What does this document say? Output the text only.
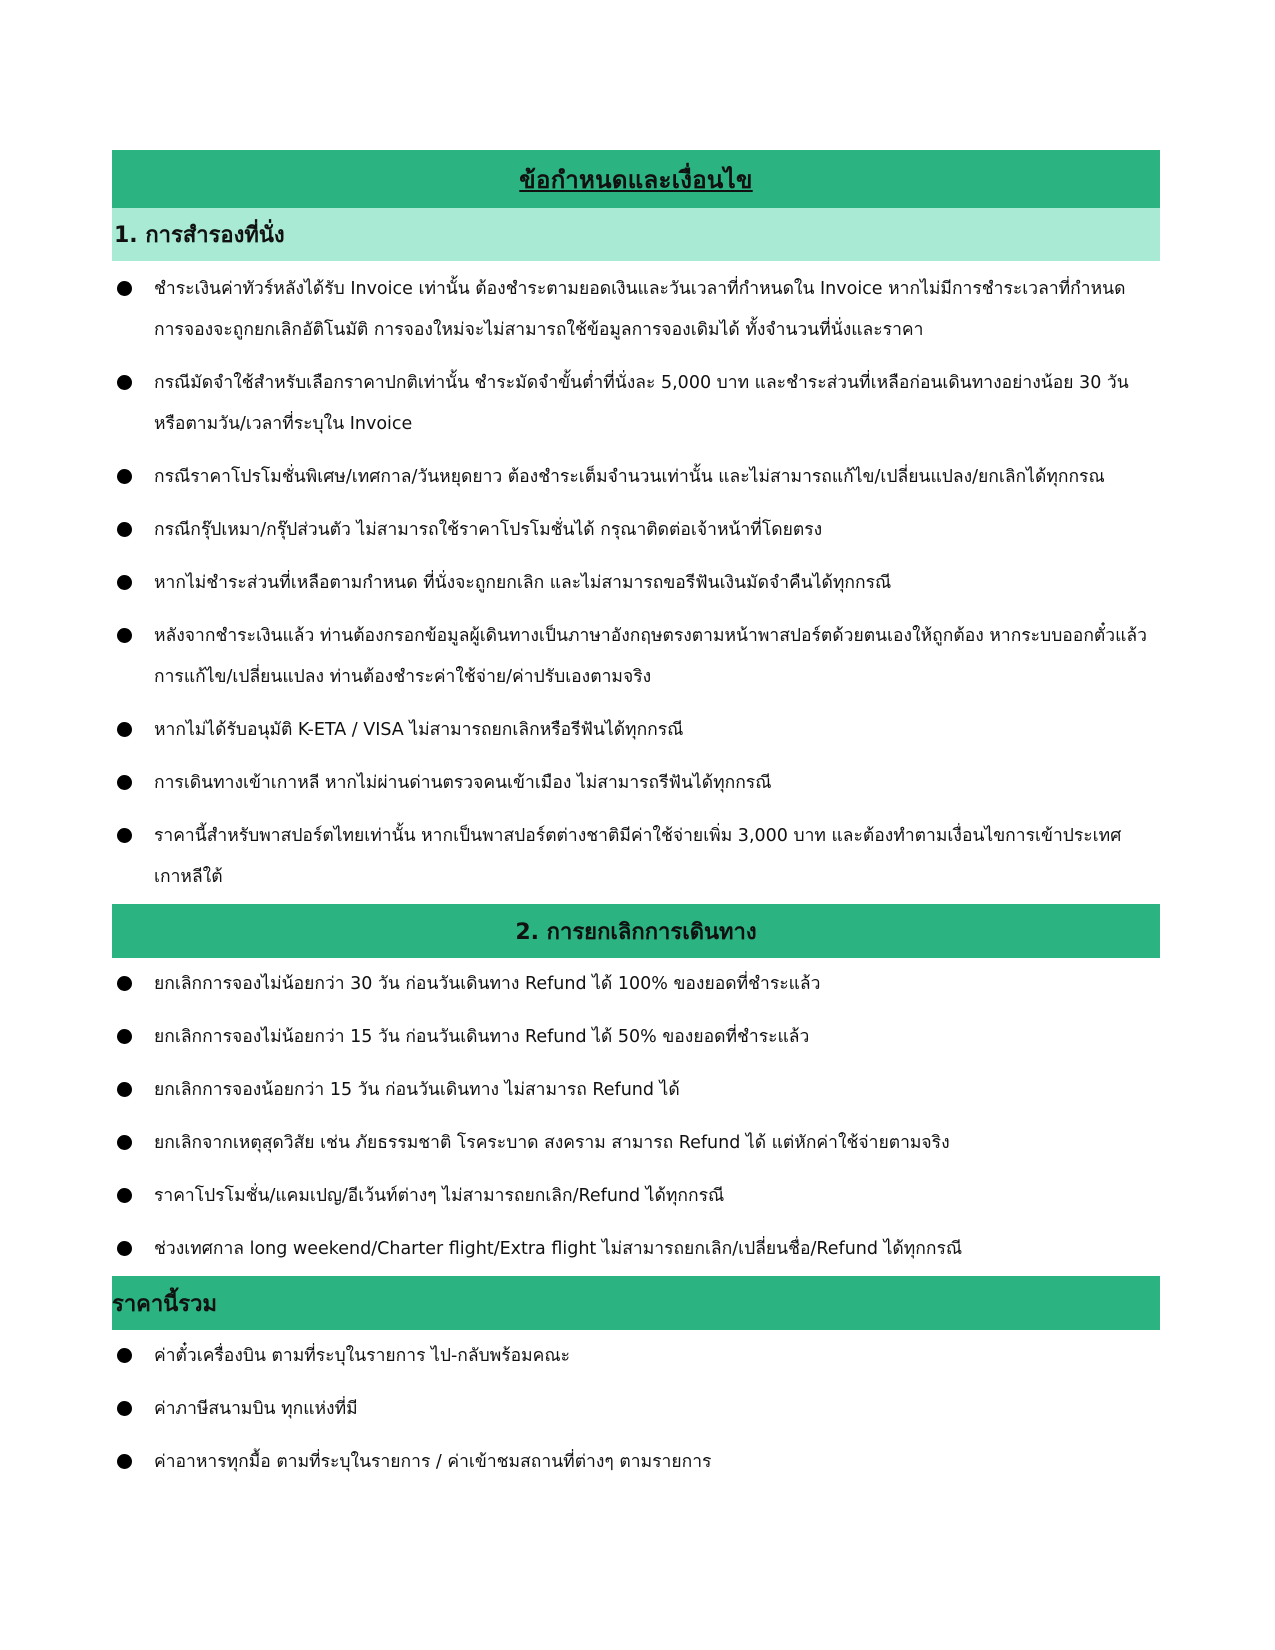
ข้อกำหนดและเงื่อนไข
1. การสำรองที่นั่ง
ชำระเงินค่าทัวร์หลังได้รับ Invoice เท่านั้น ต้องชำระตามยอดเงินและวันเวลาที่กำหนดใน Invoice หากไม่มีการชำระเวลาที่กำหนด การจองจะถูกยกเลิกอัติโนมัติ การจองใหม่จะไม่สามารถใช้ข้อมูลการจองเดิมได้ ทั้งจำนวนที่นั่งและราคา
กรณีมัดจำใช้สำหรับเลือกราคาปกติเท่านั้น ชำระมัดจำขั้นต่ำที่นั่งละ 5,000 บาท และชำระส่วนที่เหลือก่อนเดินทางอย่างน้อย 30 วัน หรือตามวัน/เวลาที่ระบุใน Invoice
กรณีราคาโปรโมชั่นพิเศษ/เทศกาล/วันหยุดยาว ต้องชำระเต็มจำนวนเท่านั้น และไม่สามารถแก้ไข/เปลี่ยนแปลง/ยกเลิกได้ทุกกรณ
กรณีกรุ๊ปเหมา/กรุ๊ปส่วนตัว ไม่สามารถใช้ราคาโปรโมชั่นได้ กรุณาติดต่อเจ้าหน้าที่โดยตรง
หากไม่ชำระส่วนที่เหลือตามกำหนด ที่นั่งจะถูกยกเลิก และไม่สามารถขอรีฟันเงินมัดจำคืนได้ทุกกรณี
หลังจากชำระเงินแล้ว ท่านต้องกรอกข้อมูลผู้เดินทางเป็นภาษาอังกฤษตรงตามหน้าพาสปอร์ตด้วยตนเองให้ถูกต้อง หากระบบออกตั๋วแล้ว การแก้ไข/เปลี่ยนแปลง ท่านต้องชำระค่าใช้จ่าย/ค่าปรับเองตามจริง
หากไม่ได้รับอนุมัติ K-ETA / VISA ไม่สามารถยกเลิกหรือรีฟันได้ทุกกรณี
การเดินทางเข้าเกาหลี หากไม่ผ่านด่านตรวจคนเข้าเมือง ไม่สามารถรีฟันได้ทุกกรณี
ราคานี้สำหรับพาสปอร์ตไทยเท่านั้น หากเป็นพาสปอร์ตต่างชาติมีค่าใช้จ่ายเพิ่ม 3,000 บาท และต้องทำตามเงื่อนไขการเข้าประเทศเกาหลีใต้
2. การยกเลิกการเดินทาง
ยกเลิกการจองไม่น้อยกว่า 30 วัน ก่อนวันเดินทาง Refund ได้ 100% ของยอดที่ชำระแล้ว
ยกเลิกการจองไม่น้อยกว่า 15 วัน ก่อนวันเดินทาง Refund ได้ 50% ของยอดที่ชำระแล้ว
ยกเลิกการจองน้อยกว่า 15 วัน ก่อนวันเดินทาง ไม่สามารถ Refund ได้
ยกเลิกจากเหตุสุดวิสัย เช่น ภัยธรรมชาติ โรคระบาด สงคราม สามารถ Refund ได้ แต่หักค่าใช้จ่ายตามจริง
ราคาโปรโมชั่น/แคมเปญ/อีเว้นท์ต่างๆ ไม่สามารถยกเลิก/Refund ได้ทุกกรณี
ช่วงเทศกาล long weekend/Charter flight/Extra flight ไม่สามารถยกเลิก/เปลี่ยนชื่อ/Refund ได้ทุกกรณี
ราคานี้รวม
ค่าตั๋วเครื่องบิน ตามที่ระบุในรายการ ไป-กลับพร้อมคณะ
ค่าภาษีสนามบิน ทุกแห่งที่มี
ค่าอาหารทุกมื้อ ตามที่ระบุในรายการ / ค่าเข้าชมสถานที่ต่างๆ ตามรายการ
